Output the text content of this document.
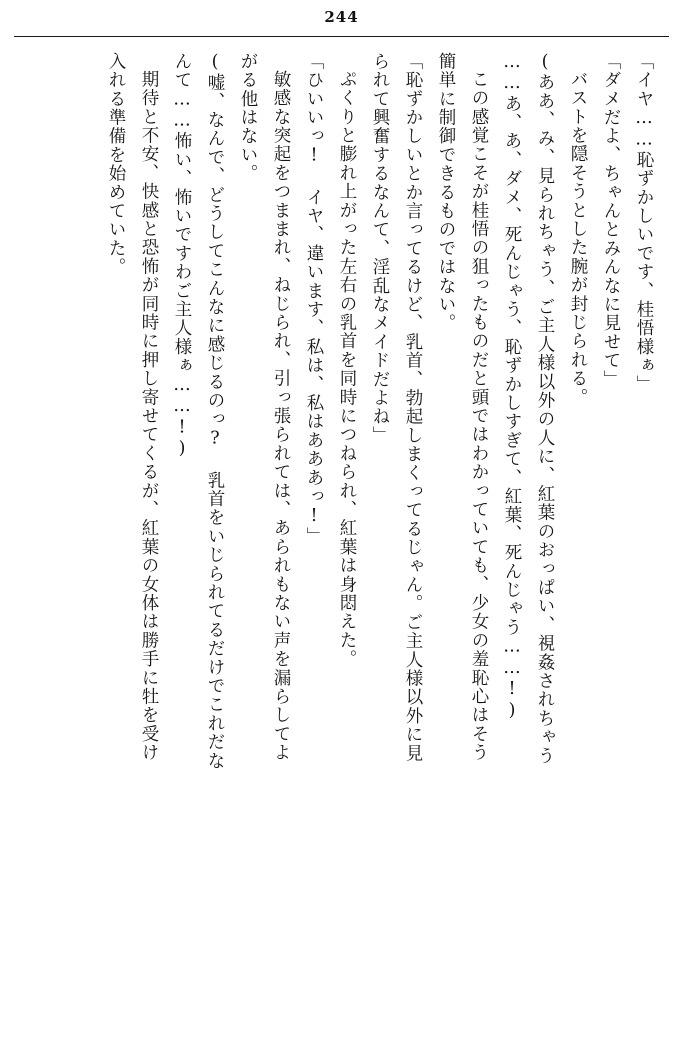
244

「イヤ……恥ずかしいです、桂悟様ぁ」

「ダメだよ、ちゃんとみんなに見せて」

バストを隠そうとした腕が封じられる。

(ああ、み、見られちゃう、ご主人様以外の人に、紅葉のおっぱい、視姦されちゃう

……あ、あ、ダメ、死んじゃう、恥ずかしすぎて、紅葉、死んじゃう……!)

この感覚こそが桂悟の狙ったものだと頭ではわかっていても、少女の羞恥心はそう

簡単に制御できるものではない。

「恥ずかしいとか言ってるけど、乳首、勃起しまくってるじゃん。ご主人様以外に見

られて興奮するなんて、淫乱なメイドだよね」

ぷくりと膨れ上がった左右の乳首を同時につねられ、紅葉は身悶えた。

「ひいいっ! イヤ、違います、私は、私はあああっ!」

敏感な突起をつままれ、ねじられ、引っ張られては、あられもない声を漏らしてよ

がる他はない。

(嘘、なんで、どうしてこんなに感じるのっ? 乳首をいじられてるだけでこれだな

んて……怖い、怖いですわご主人様ぁ……!)

期待と不安、快感と恐怖が同時に押し寄せてくるが、紅葉の女体は勝手に牡を受け

入れる準備を始めていた。
